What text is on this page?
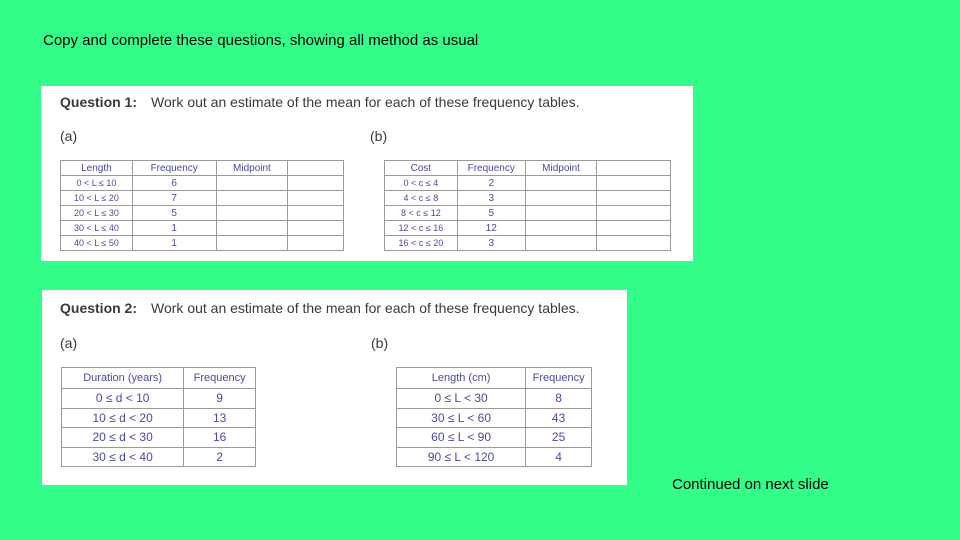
Copy and complete these questions, showing all method as usual
Question 1: Work out an estimate of the mean for each of these frequency tables.
(a)	(b)
Length	Frequency	Midpoint	
0 < L ≤ 10	6		
10 < L ≤ 20	7		
20 < L ≤ 30	5		
30 < L ≤ 40	1		
40 < L ≤ 50	1		
Cost	Frequency	Midpoint	
0 < c ≤ 4	2		
4 < c ≤ 8	3		
8 < c ≤ 12	5		
12 < c ≤ 16	12		
16 < c ≤ 20	3		
Question 2: Work out an estimate of the mean for each of these frequency tables.
(a)	(b)
Duration (years)	Frequency
0 ≤ d < 10	9
10 ≤ d < 20	13
20 ≤ d < 30	16
30 ≤ d < 40	2
Length (cm)	Frequency
0 ≤ L < 30	8
30 ≤ L < 60	43
60 ≤ L < 90	25
90 ≤ L < 120	4
Continued on next slide
